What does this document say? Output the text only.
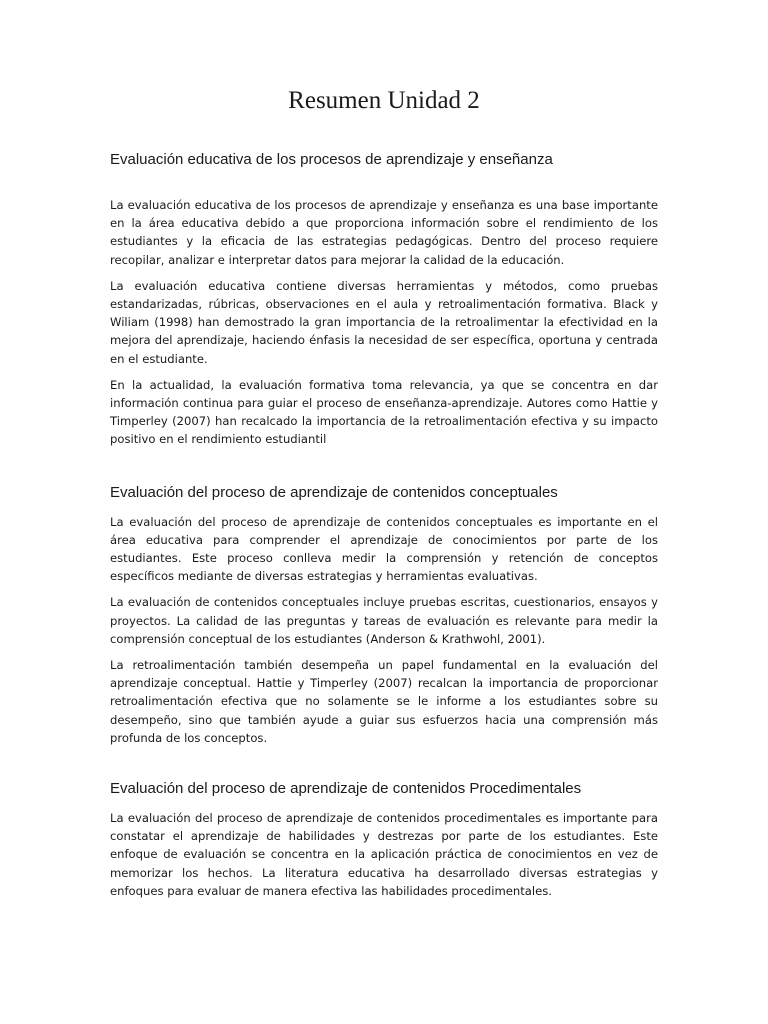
Resumen Unidad 2
Evaluación educativa de los procesos de aprendizaje y enseñanza

La evaluación educativa de los procesos de aprendizaje y enseñanza es una base importante en la área educativa debido a que proporciona información sobre el rendimiento de los estudiantes y la eficacia de las estrategias pedagógicas. Dentro del proceso requiere recopilar, analizar e interpretar datos para mejorar la calidad de la educación.

La evaluación educativa contiene diversas herramientas y métodos, como pruebas estandarizadas, rúbricas, observaciones en el aula y retroalimentación formativa. Black y Wiliam (1998) han demostrado la gran importancia de la retroalimentar la efectividad en la mejora del aprendizaje, haciendo énfasis la necesidad de ser específica, oportuna y centrada en el estudiante.

En la actualidad, la evaluación formativa toma relevancia, ya que se concentra en dar información continua para guiar el proceso de enseñanza-aprendizaje. Autores como Hattie y Timperley (2007) han recalcado la importancia de la retroalimentación efectiva y su impacto positivo en el rendimiento estudiantil

Evaluación del proceso de aprendizaje de contenidos conceptuales

La evaluación del proceso de aprendizaje de contenidos conceptuales es importante en el área educativa para comprender el aprendizaje de conocimientos por parte de los estudiantes. Este proceso conlleva medir la comprensión y retención de conceptos específicos mediante de diversas estrategias y herramientas evaluativas.

La evaluación de contenidos conceptuales incluye pruebas escritas, cuestionarios, ensayos y proyectos. La calidad de las preguntas y tareas de evaluación es relevante para medir la comprensión conceptual de los estudiantes (Anderson & Krathwohl, 2001).

La retroalimentación también desempeña un papel fundamental en la evaluación del aprendizaje conceptual. Hattie y Timperley (2007) recalcan la importancia de proporcionar retroalimentación efectiva que no solamente se le informe a los estudiantes sobre su desempeño, sino que también ayude a guiar sus esfuerzos hacia una comprensión más profunda de los conceptos.

Evaluación del proceso de aprendizaje de contenidos Procedimentales

La evaluación del proceso de aprendizaje de contenidos procedimentales es importante para constatar el aprendizaje de habilidades y destrezas por parte de los estudiantes. Este enfoque de evaluación se concentra en la aplicación práctica de conocimientos en vez de memorizar los hechos. La literatura educativa ha desarrollado diversas estrategias y enfoques para evaluar de manera efectiva las habilidades procedimentales.
